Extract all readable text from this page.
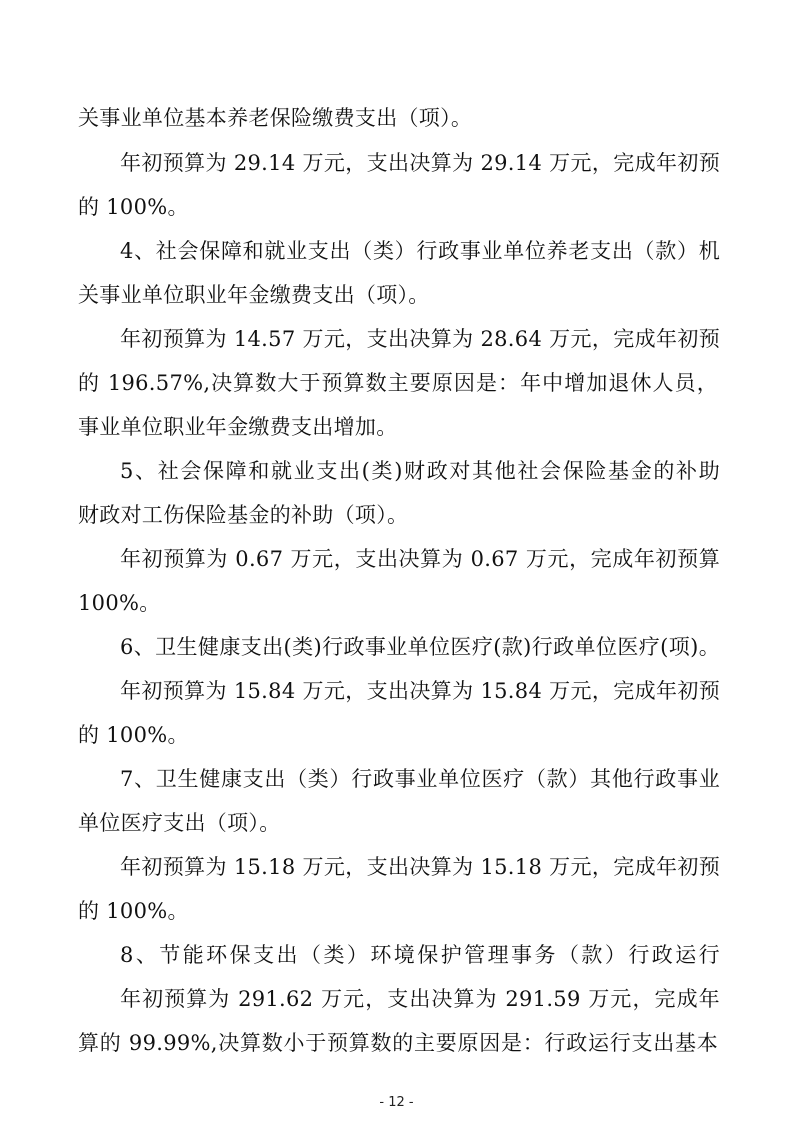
关事业单位基本养老保险缴费支出（项）。
年初预算为 29.14 万元，支出决算为 29.14 万元，完成年初预
的 100%。
4、社会保障和就业支出（类）行政事业单位养老支出（款）机
关事业单位职业年金缴费支出（项）。
年初预算为 14.57 万元，支出决算为 28.64 万元，完成年初预
的 196.57%,决算数大于预算数主要原因是：年中增加退休人员，
事业单位职业年金缴费支出增加。
5、社会保障和就业支出(类)财政对其他社会保险基金的补助
财政对工伤保险基金的补助（项）。
年初预算为 0.67 万元，支出决算为 0.67 万元，完成年初预算
100%。
6、卫生健康支出(类)行政事业单位医疗(款)行政单位医疗(项)。
年初预算为 15.84 万元，支出决算为 15.84 万元，完成年初预
的 100%。
7、卫生健康支出（类）行政事业单位医疗（款）其他行政事业
单位医疗支出（项）。
年初预算为 15.18 万元，支出决算为 15.18 万元，完成年初预
的 100%。
8、节能环保支出（类）环境保护管理事务（款）行政运行
年初预算为 291.62 万元，支出决算为 291.59 万元，完成年
算的 99.99%,决算数小于预算数的主要原因是：行政运行支出基本
- 12 -
